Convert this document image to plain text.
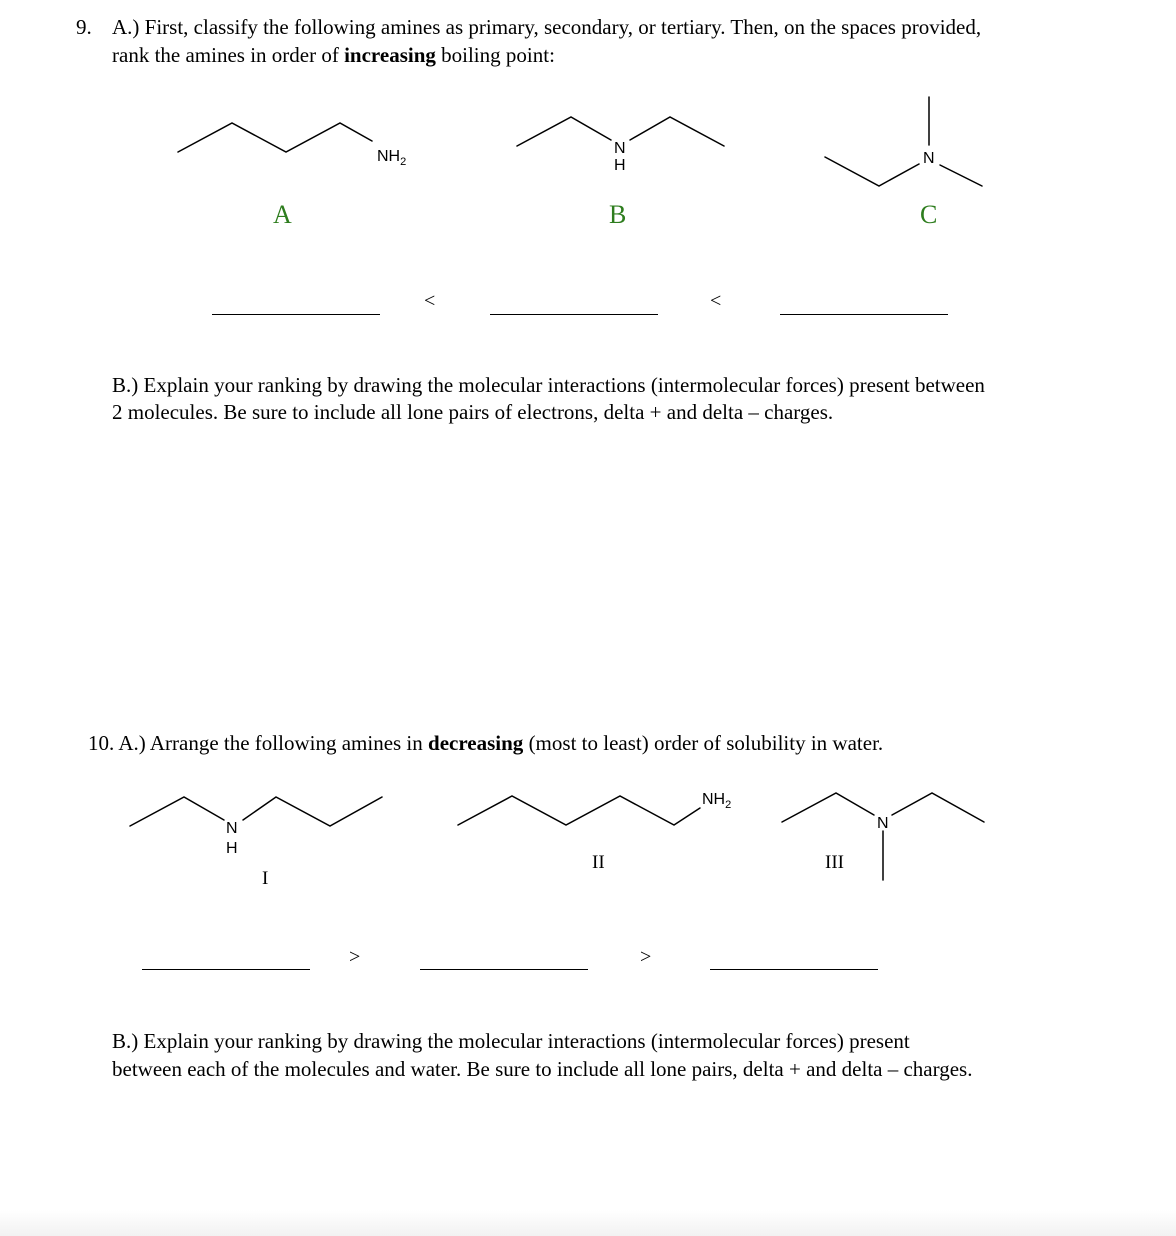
9. A.) First, classify the following amines as primary, secondary, or tertiary. Then, on the spaces provided,
rank the amines in order of increasing boiling point:
$NH_2$
N
H	N
N
H
$NH_2$
N
A	B	C
<	<
B.) Explain your ranking by drawing the molecular interactions (intermolecular forces) present between
2 molecules. Be sure to include all lone pairs of electrons, delta + and delta – charges.
10. A.) Arrange the following amines in decreasing (most to least) order of solubility in water.
I
II	III
>	>
B.) Explain your ranking by drawing the molecular interactions (intermolecular forces) present
between each of the molecules and water. Be sure to include all lone pairs, delta + and delta – charges.
